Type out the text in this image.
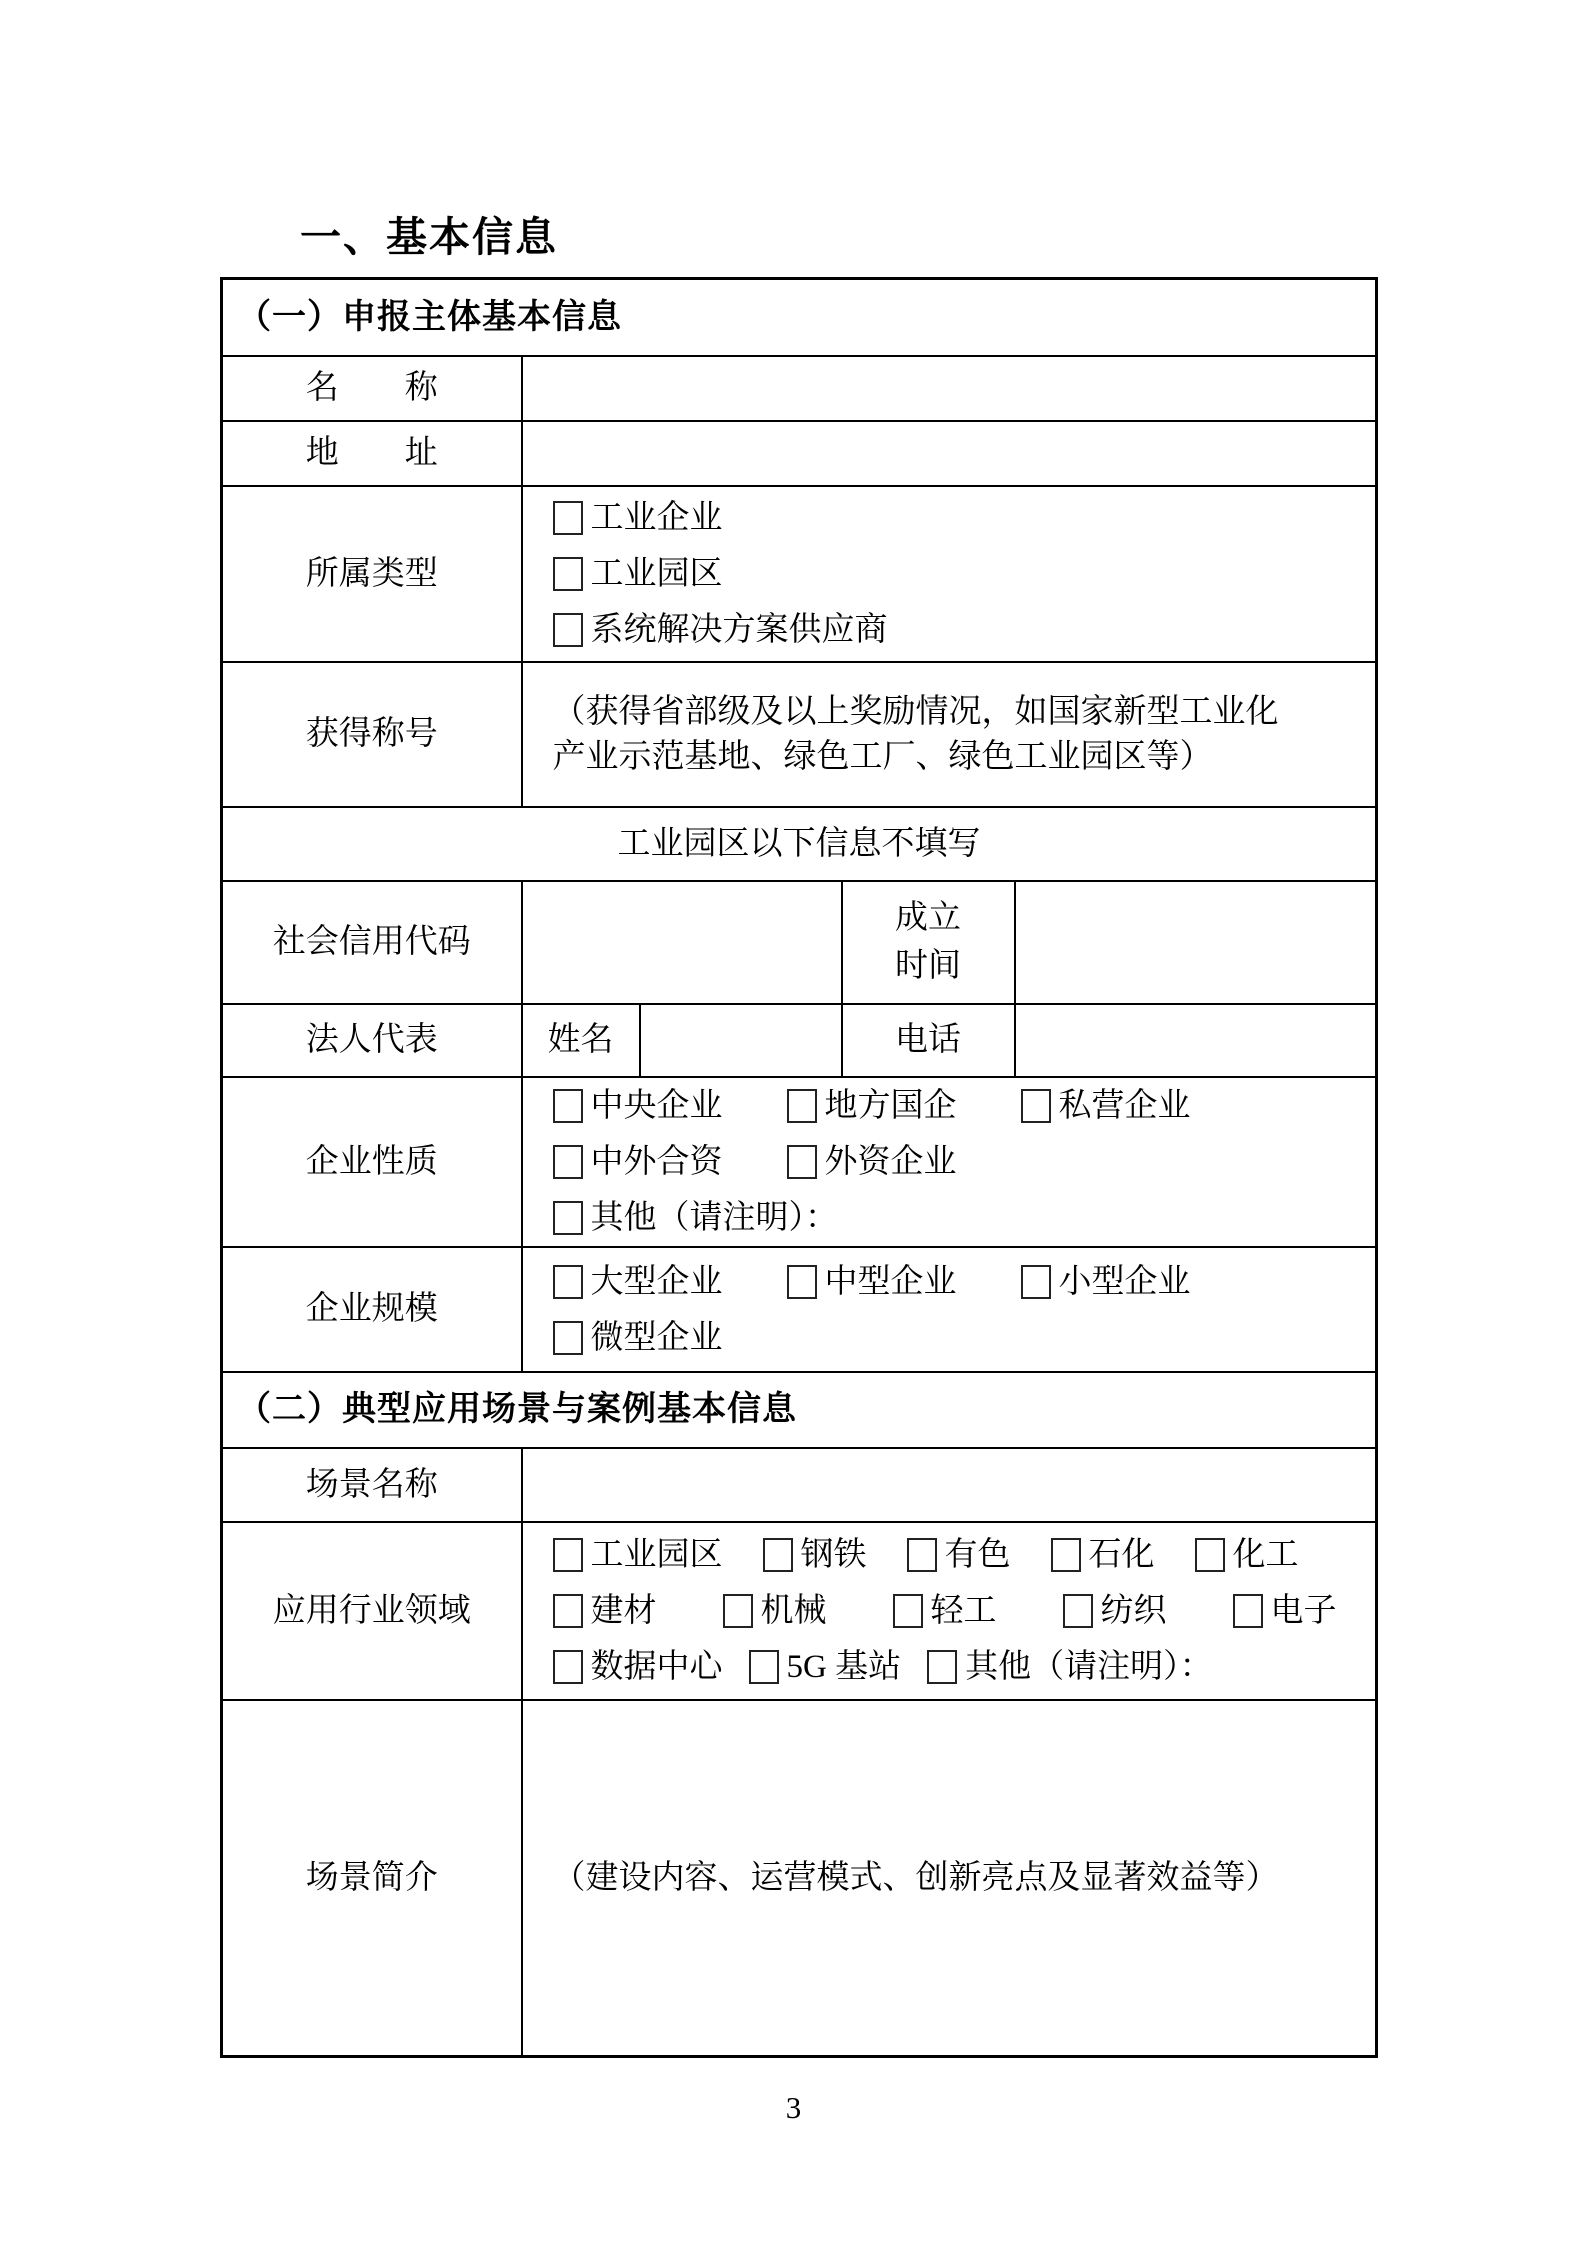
一、基本信息
（一）申报主体基本信息				
名　　称				
地　　址				
所属类型	工业企业
工业园区
系统解决方案供应商			

获得称号	（获得省部级及以上奖励情况，如国家新型工业化产业示范基地、绿色工厂、绿色工业园区等）			
工业园区以下信息不填写				
社会信用代码			成立时间	
法人代表	姓名		电话	
企业性质	
中央企业	地方国企	私营企业
中外合资	外资企业
其他（请注明）：

企业规模	大型企业 中型企业 小型企业
微型企业			

（二）典型应用场景与案例基本信息				
场景名称				
应用行业领域	
工业园区 钢铁 有色 石化 化工
建材	机械	轻工	纺织	电子
数据中心 5G 基站 其他（请注明）：

场景简介	（建设内容、运营模式、创新亮点及显著效益等）			
3
